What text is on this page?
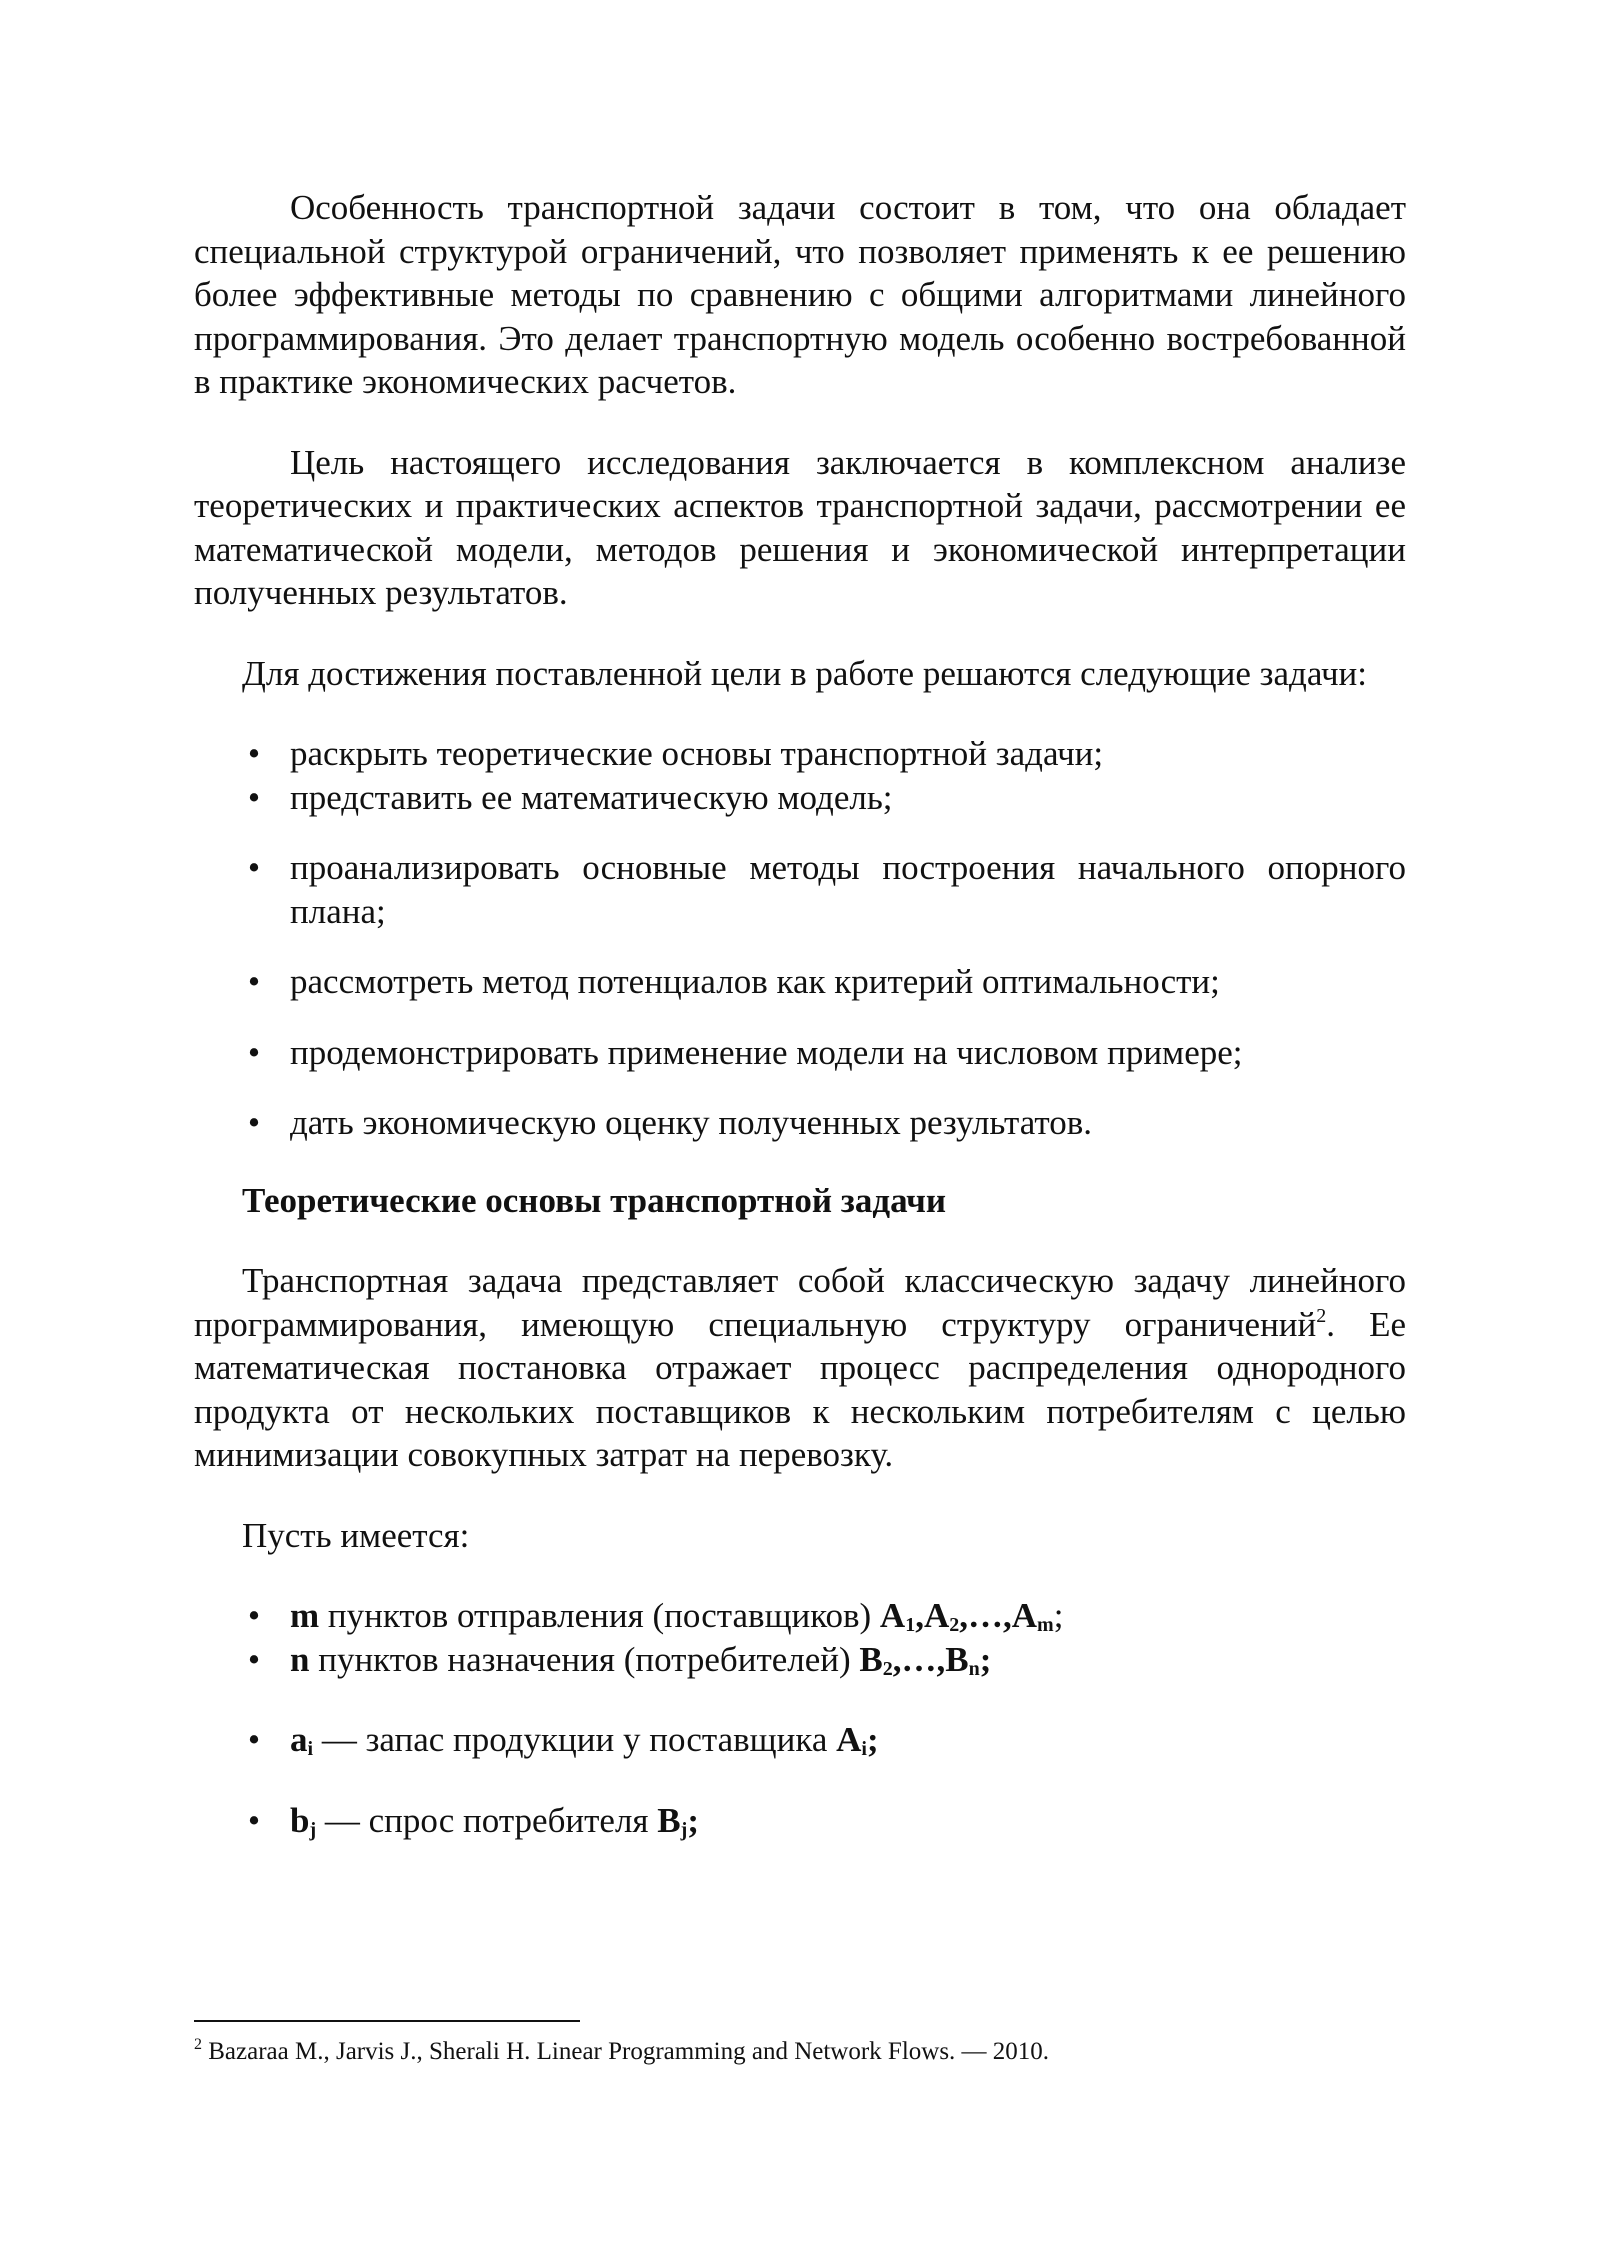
Особенность транспортной задачи состоит в том, что она обладает специальной структурой ограничений, что позволяет применять к ее решению более эффективные методы по сравнению с общими алгоритмами линейного программирования. Это делает транспортную модель особенно востребованной в практике экономических расчетов.

Цель настоящего исследования заключается в комплексном анализе теоретических и практических аспектов транспортной задачи, рассмотрении ее математической модели, методов решения и экономической интерпретации полученных результатов.

Для достижения поставленной цели в работе решаются следующие задачи:

• раскрыть теоретические основы транспортной задачи;
• представить ее математическую модель;
• проанализировать основные методы построения начального опорного плана;
• рассмотреть метод потенциалов как критерий оптимальности;
• продемонстрировать применение модели на числовом примере;
• дать экономическую оценку полученных результатов.
Теоретические основы транспортной задачи

Транспортная задача представляет собой классическую задачу линейного программирования, имеющую специальную структуру ограничений$^2$. Ее математическая постановка отражает процесс распределения однородного продукта от нескольких поставщиков к нескольким потребителям с целью минимизации совокупных затрат на перевозку.

Пусть имеется:

• m пунктов отправления (поставщиков) $A_1,A_2,\dots,A_m$;
• n пунктов назначения (потребителей) $B_2,\dots,B_n$;
• $a_i$ — запас продукции у поставщика $A_i$;
• $b_j$ — спрос потребителя $B_j$;
$^2$ Bazaraa M., Jarvis J., Sherali H. Linear Programming and Network Flows. — 2010.
